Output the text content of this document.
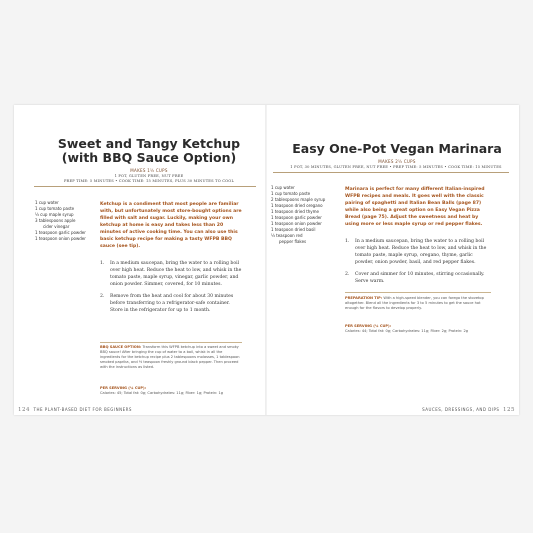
Sweet and Tangy Ketchup (with BBQ Sauce Option)
MAKES 1½ CUPS
1 POT, GLUTEN FREE, NUT FREE
PREP TIME: 5 MINUTES • COOK TIME: 15 MINUTES, PLUS 30 MINUTES TO COOL
1 cup water
1 cup tomato paste
¼ cup maple syrup
3 tablespoons apple
cider vinegar
1 teaspoon garlic powder
1 teaspoon onion powder
Ketchup is a condiment that most people are familiar with, but unfortunately most store-bought options are filled with salt and sugar. Luckily, making your own ketchup at home is easy and takes less than 20 minutes of active cooking time. You can also use this basic ketchup recipe for making a tasty WFPB BBQ sauce (see tip).
1. In a medium saucepan, bring the water to a rolling boil over high heat. Reduce the heat to low, and whisk in the tomato paste, maple syrup, vinegar, garlic powder, and onion powder. Simmer, covered, for 10 minutes.
2. Remove from the heat and cool for about 30 minutes before transferring to a refrigerator-safe container. Store in the refrigerator for up to 1 month.
BBQ SAUCE OPTION: Transform this WFPB ketchup into a sweet and smoky BBQ sauce! After bringing the cup of water to a boil, whisk in all the ingredients for the ketchup recipe plus 2 tablespoons molasses, 1 tablespoon smoked paprika, and ½ teaspoon freshly ground black pepper. Then proceed with the instructions as listed.
PER SERVING (¼ CUP):
Calories: 45; Total fat: 0g; Carbohydrates: 11g; Fiber: 1g; Protein: 1g
124 THE PLANT-BASED DIET FOR BEGINNERS
Easy One-Pot Vegan Marinara
MAKES 2½ CUPS
1 POT, 30 MINUTES, GLUTEN FREE, NUT FREE • PREP TIME: 5 MINUTES • COOK TIME: 15 MINUTES
1 cup water
1 cup tomato paste
2 tablespoons maple syrup
1 teaspoon dried oregano
1 teaspoon dried thyme
1 teaspoon garlic powder
1 teaspoon onion powder
1 teaspoon dried basil
¼ teaspoon red
pepper flakes
Marinara is perfect for many different Italian-inspired WFPB recipes and meals. It goes well with the classic pairing of spaghetti and Italian Bean Balls (page 87) while also being a great option on Easy Vegan Pizza Bread (page 75). Adjust the sweetness and heat by using more or less maple syrup or red pepper flakes.
1. In a medium saucepan, bring the water to a rolling boil over high heat. Reduce the heat to low, and whisk in the tomato paste, maple syrup, oregano, thyme, garlic powder, onion powder, basil, and red pepper flakes.
2. Cover and simmer for 10 minutes, stirring occasionally. Serve warm.
PREPARATION TIP: With a high-speed blender, you can forego the stovetop altogether. Blend all the ingredients for 3 to 5 minutes to get the sauce hot enough for the flavors to develop properly.
PER SERVING (¼ CUP):
Calories: 44; Total fat: 0g; Carbohydrates: 11g; Fiber: 2g; Protein: 2g
SAUCES, DRESSINGS, AND DIPS 125
